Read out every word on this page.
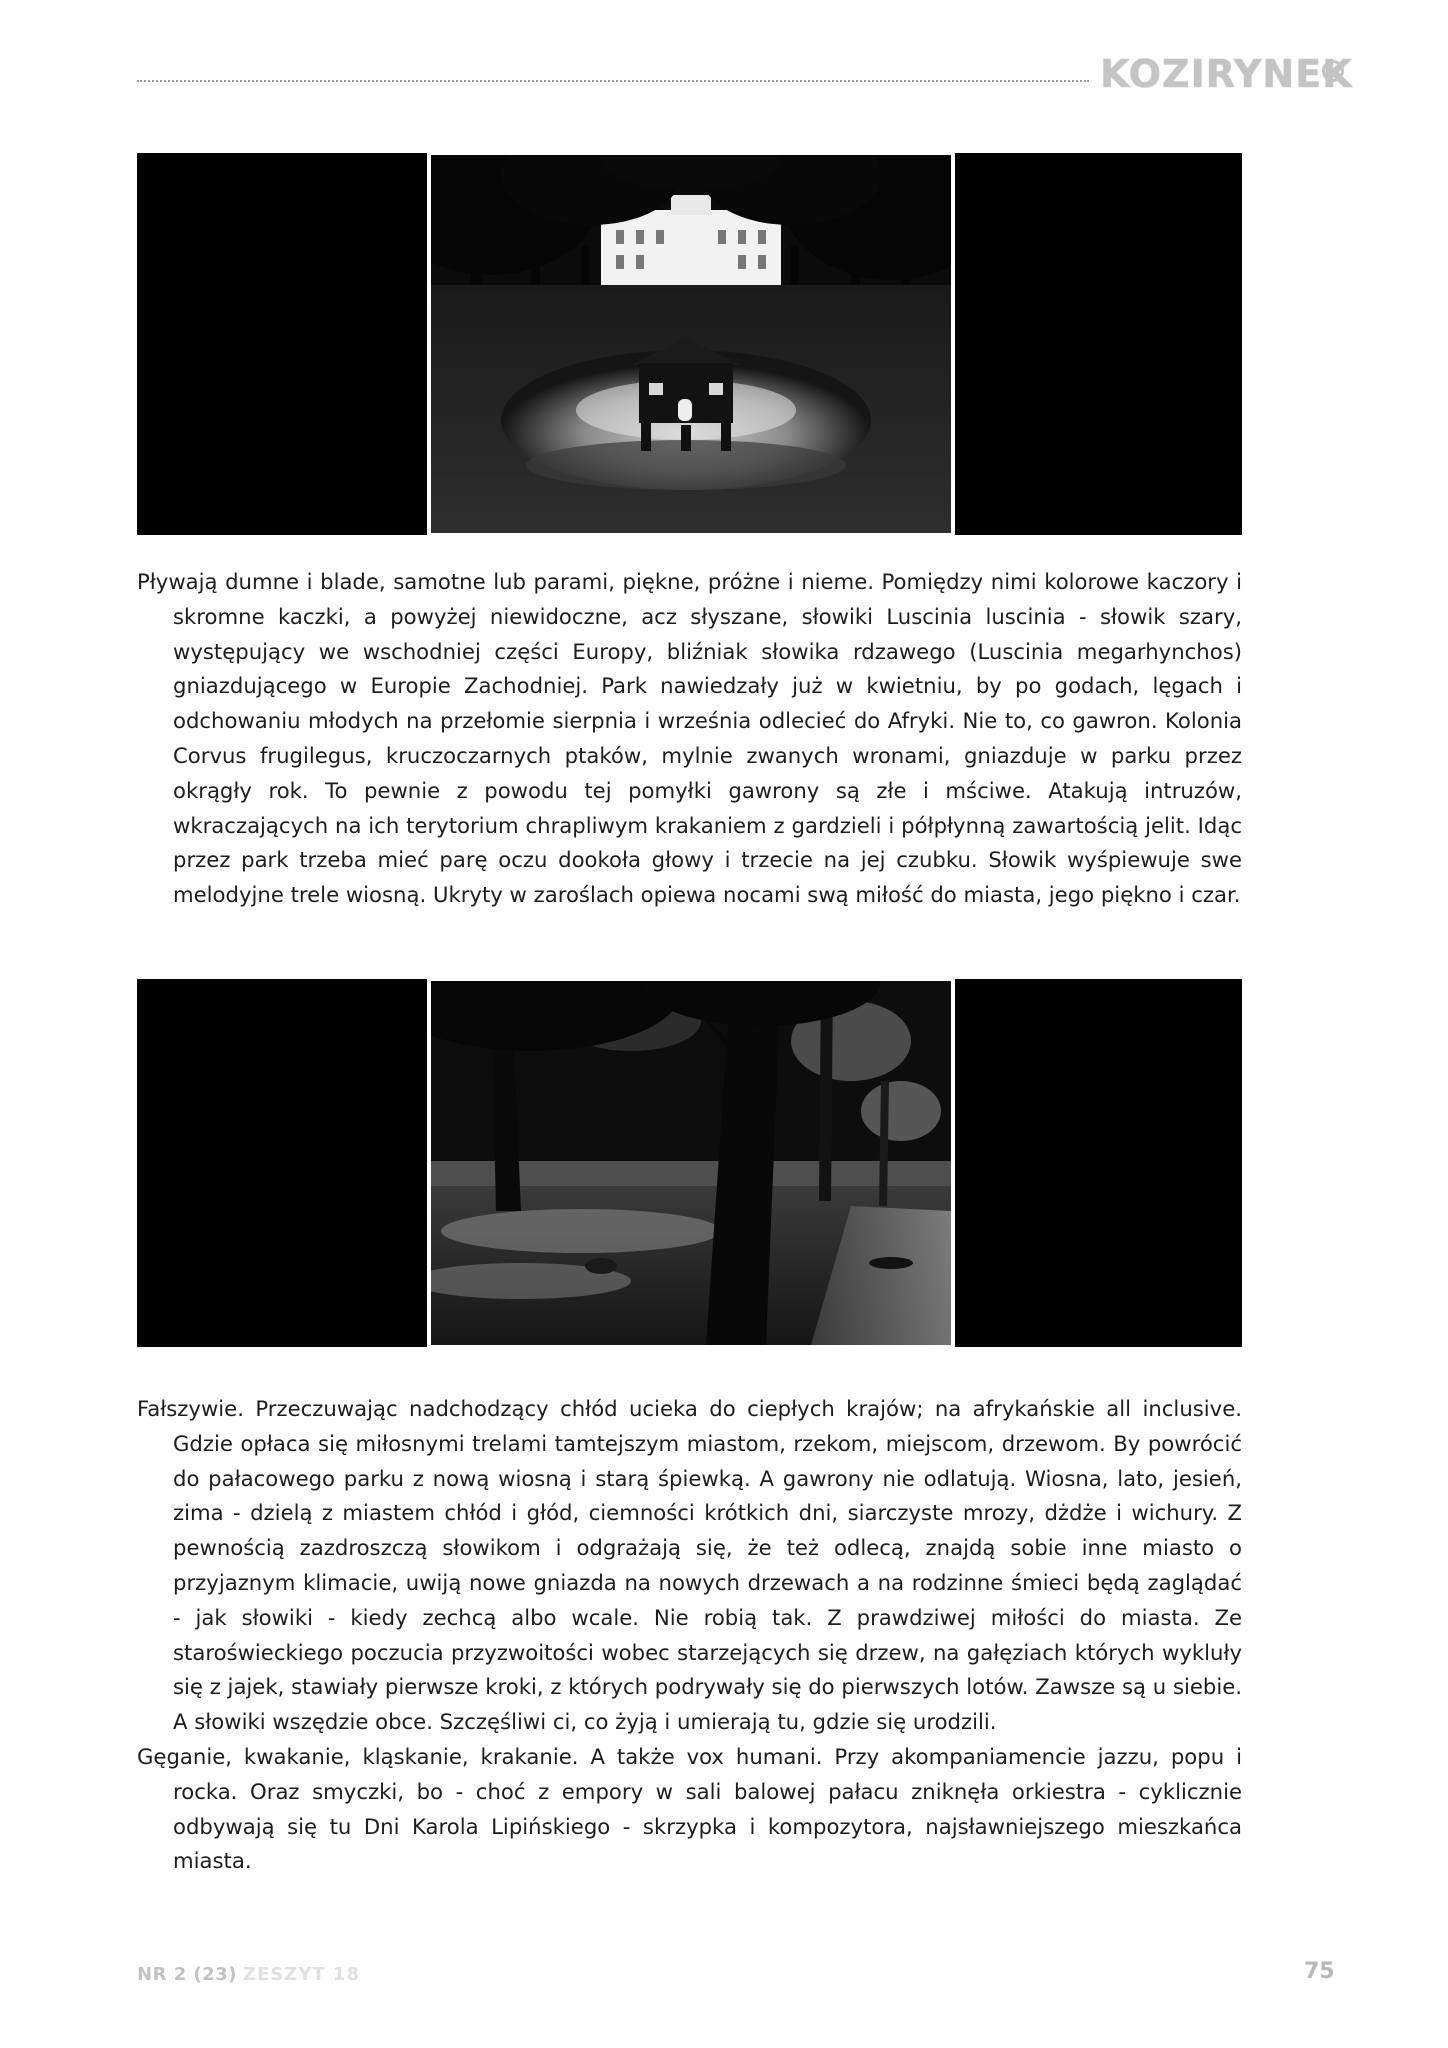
KOZIRYNEK

Pływają dumne i blade, samotne lub parami, piękne, próżne i nieme. Pomiędzy nimi kolorowe kaczory i skromne kaczki, a powyżej niewidoczne, acz słyszane, słowiki Luscinia luscinia - słowik szary, występujący we wschodniej części Europy, bliźniak słowika rdzawego (Luscinia megarhynchos) gniazdującego w Europie Zachodniej. Park nawiedzały już w kwietniu, by po godach, lęgach i odchowaniu młodych na przełomie sierpnia i września odlecieć do Afryki. Nie to, co gawron. Kolonia Corvus frugilegus, kruczoczarnych ptaków, mylnie zwanych wronami, gniazduje w parku przez okrągły rok. To pewnie z powodu tej pomyłki gawrony są złe i mściwe. Atakują intruzów, wkraczających na ich terytorium chrapliwym krakaniem z gardzieli i półpłynną zawartością jelit. Idąc przez park trzeba mieć parę oczu dookoła głowy i trzecie na jej czubku. Słowik wyśpiewuje swe melodyjne trele wiosną. Ukryty w zaroślach opiewa nocami swą miłość do miasta, jego piękno i czar.

Fałszywie. Przeczuwając nadchodzący chłód ucieka do ciepłych krajów; na afrykańskie all inclusive. Gdzie opłaca się miłosnymi trelami tamtejszym miastom, rzekom, miejscom, drzewom. By powrócić do pałacowego parku z nową wiosną i starą śpiewką. A gawrony nie odlatują. Wiosna, lato, jesień, zima - dzielą z miastem chłód i głód, ciemności krótkich dni, siarczyste mrozy, dżdże i wichury. Z pewnością zazdroszczą słowikom i odgrażają się, że też odlecą, znajdą sobie inne miasto o przyjaznym klimacie, uwiją nowe gniazda na nowych drzewach a na rodzinne śmieci będą zaglądać - jak słowiki - kiedy zechcą albo wcale. Nie robią tak. Z prawdziwej miłości do miasta. Ze staroświeckiego poczucia przyzwoitości wobec starzejących się drzew, na gałęziach których wykluły się z jajek, stawiały pierwsze kroki, z których podrywały się do pierwszych lotów. Zawsze są u siebie. A słowiki wszędzie obce. Szczęśliwi ci, co żyją i umierają tu, gdzie się urodzili.

Gęganie, kwakanie, kląskanie, krakanie. A także vox humani. Przy akompaniamencie jazzu, popu i rocka. Oraz smyczki, bo - choć z empory w sali balowej pałacu zniknęła orkiestra - cyklicznie odbywają się tu Dni Karola Lipińskiego - skrzypka i kompozytora, najsławniejszego mieszkańca miasta.

NR 2 (23) ZESZYT 18	75
